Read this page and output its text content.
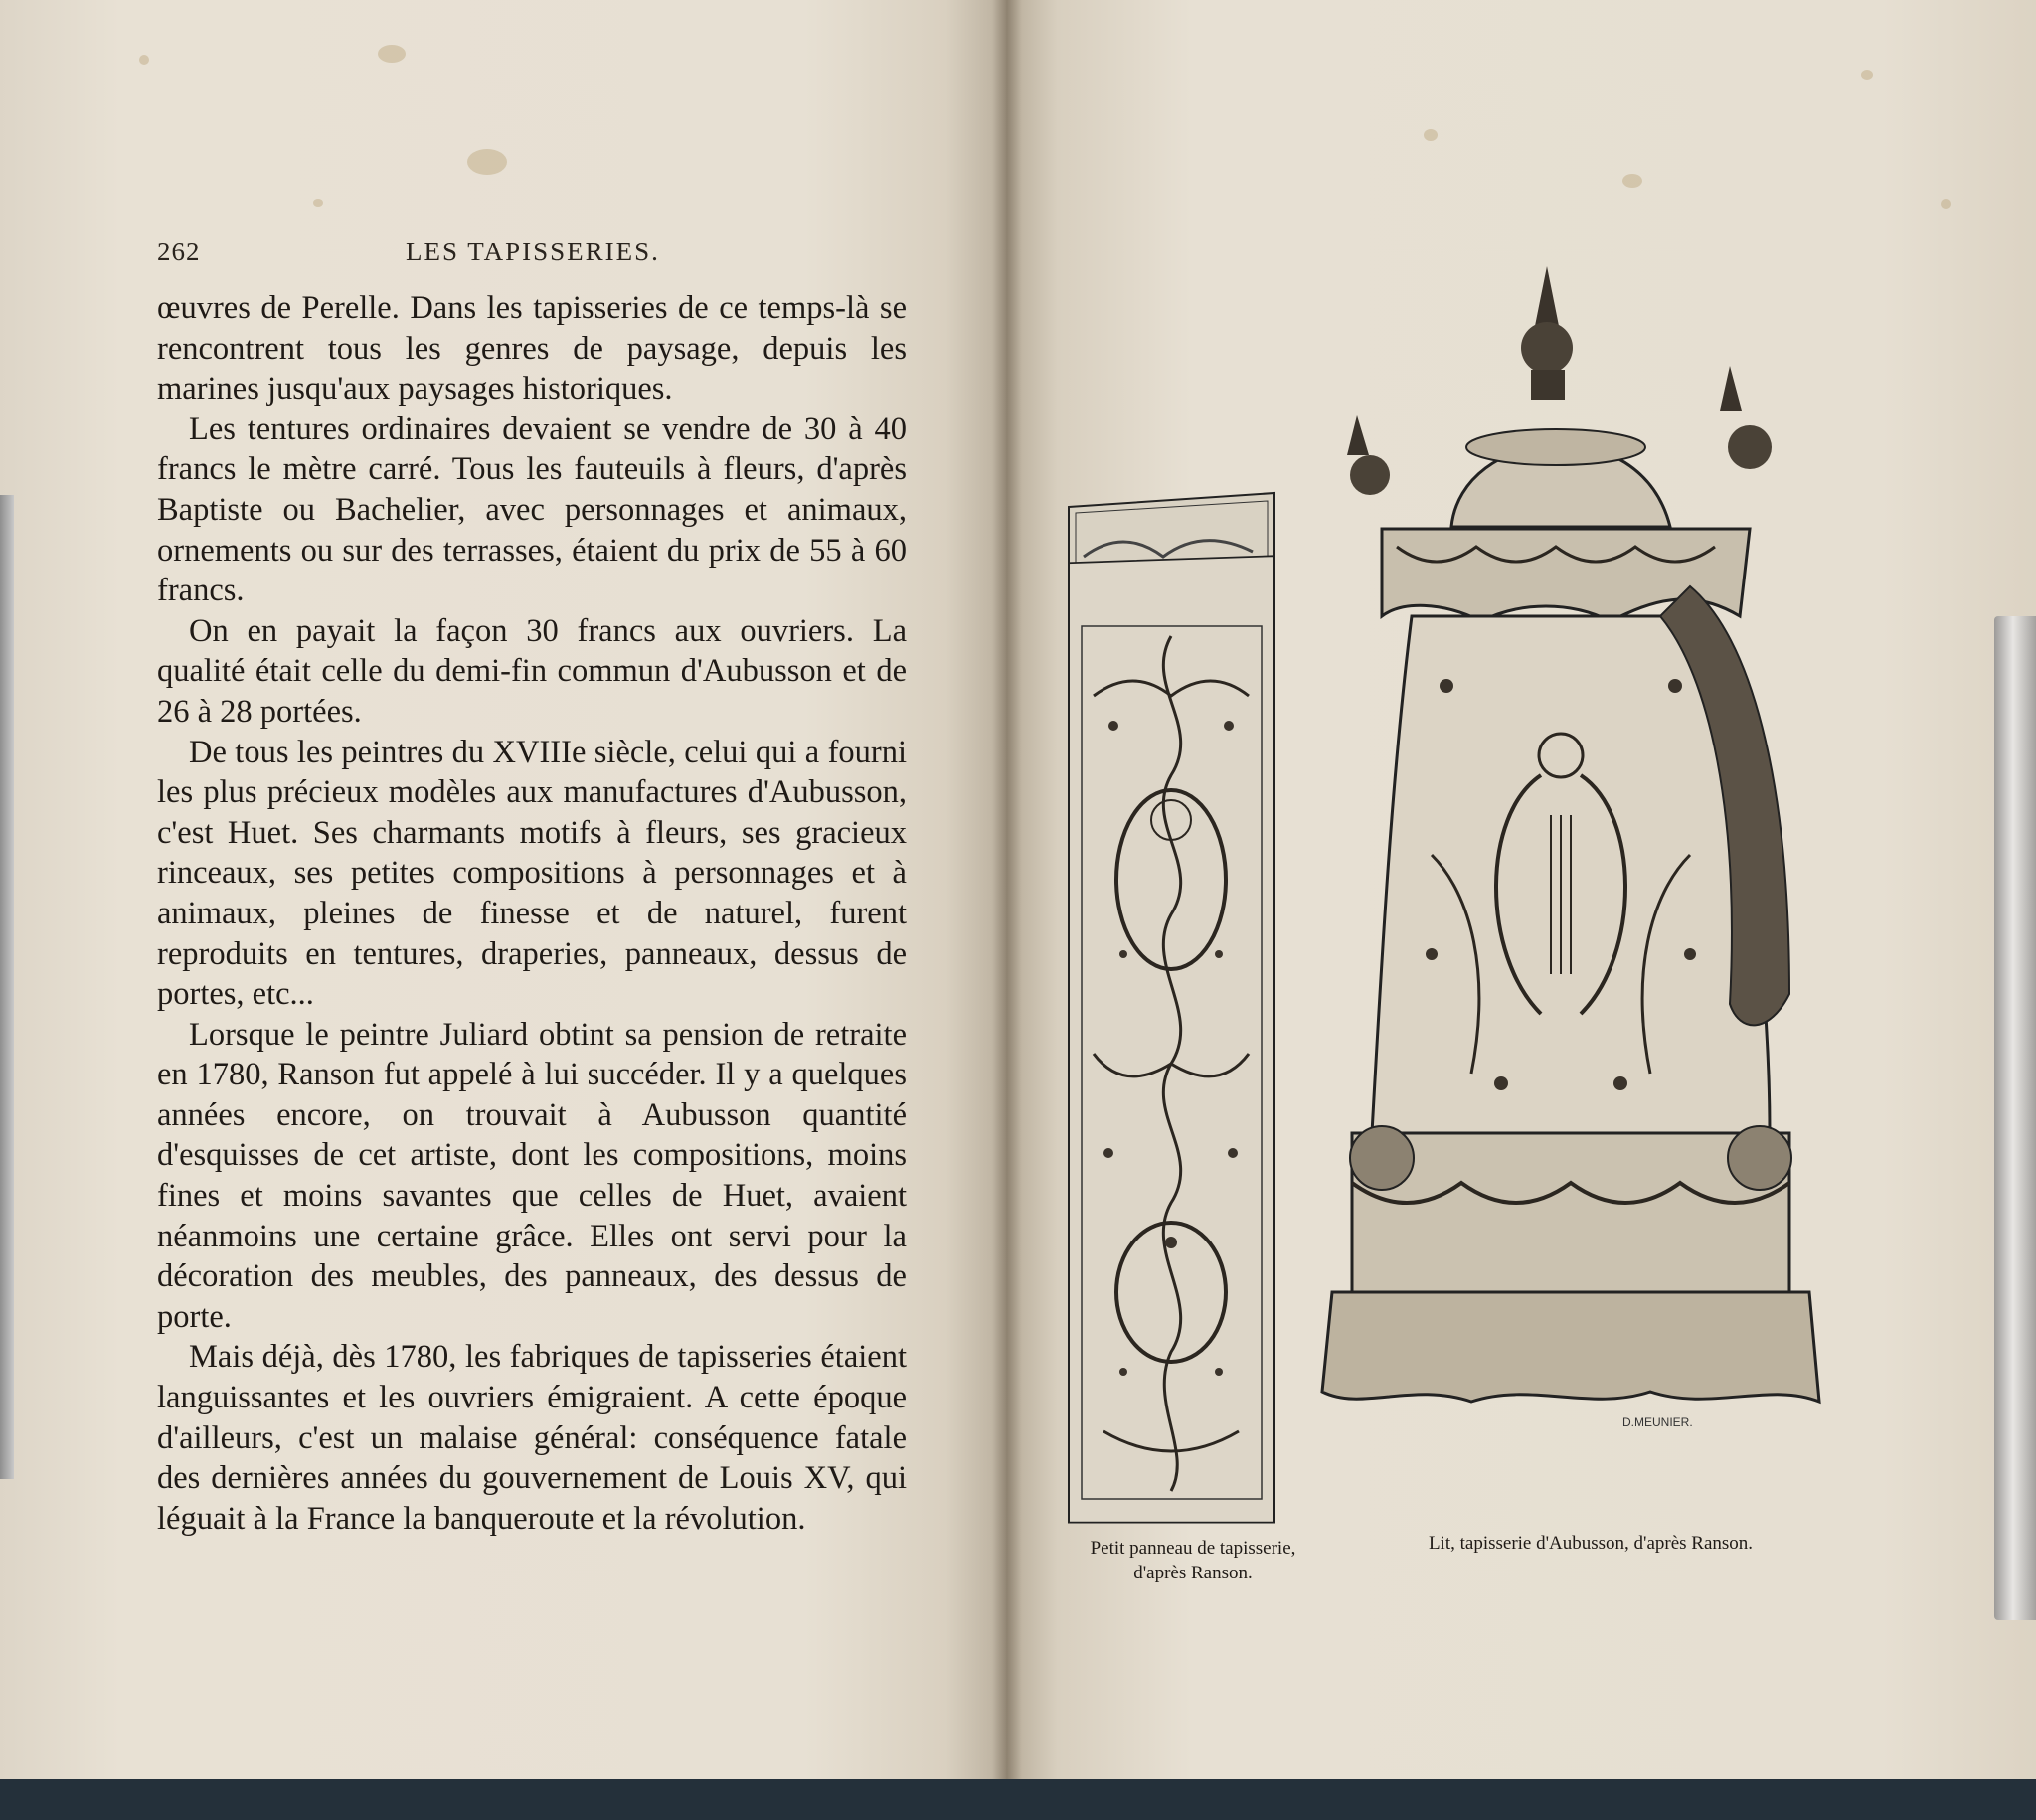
262	LES TAPISSERIES.

œuvres de Perelle. Dans les tapisseries de ce temps-là se rencontrent tous les genres de paysage, depuis les marines jusqu'aux paysages historiques.

Les tentures ordinaires devaient se vendre de 30 à 40 francs le mètre carré. Tous les fauteuils à fleurs, d'après Baptiste ou Bachelier, avec personnages et animaux, ornements ou sur des terrasses, étaient du prix de 55 à 60 francs.

On en payait la façon 30 francs aux ouvriers. La qualité était celle du demi-fin commun d'Aubusson et de 26 à 28 portées.

De tous les peintres du XVIIIe siècle, celui qui a fourni les plus précieux modèles aux manufactures d'Aubusson, c'est Huet. Ses charmants motifs à fleurs, ses gracieux rinceaux, ses petites compositions à personnages et à animaux, pleines de finesse et de naturel, furent reproduits en tentures, draperies, panneaux, dessus de portes, etc...

Lorsque le peintre Juliard obtint sa pension de retraite en 1780, Ranson fut appelé à lui succéder. Il y a quelques années encore, on trouvait à Aubusson quantité d'esquisses de cet artiste, dont les compositions, moins fines et moins savantes que celles de Huet, avaient néanmoins une certaine grâce. Elles ont servi pour la décoration des meubles, des panneaux, des dessus de porte.

Mais déjà, dès 1780, les fabriques de tapisseries étaient languissantes et les ouvriers émigraient. A cette époque d'ailleurs, c'est un malaise général: conséquence fatale des dernières années du gouvernement de Louis XV, qui léguait à la France la banqueroute et la révolution.

D.MEUNIER.
Petit panneau de tapisserie,
d'après Ranson.
Lit, tapisserie d'Aubusson, d'après Ranson.
